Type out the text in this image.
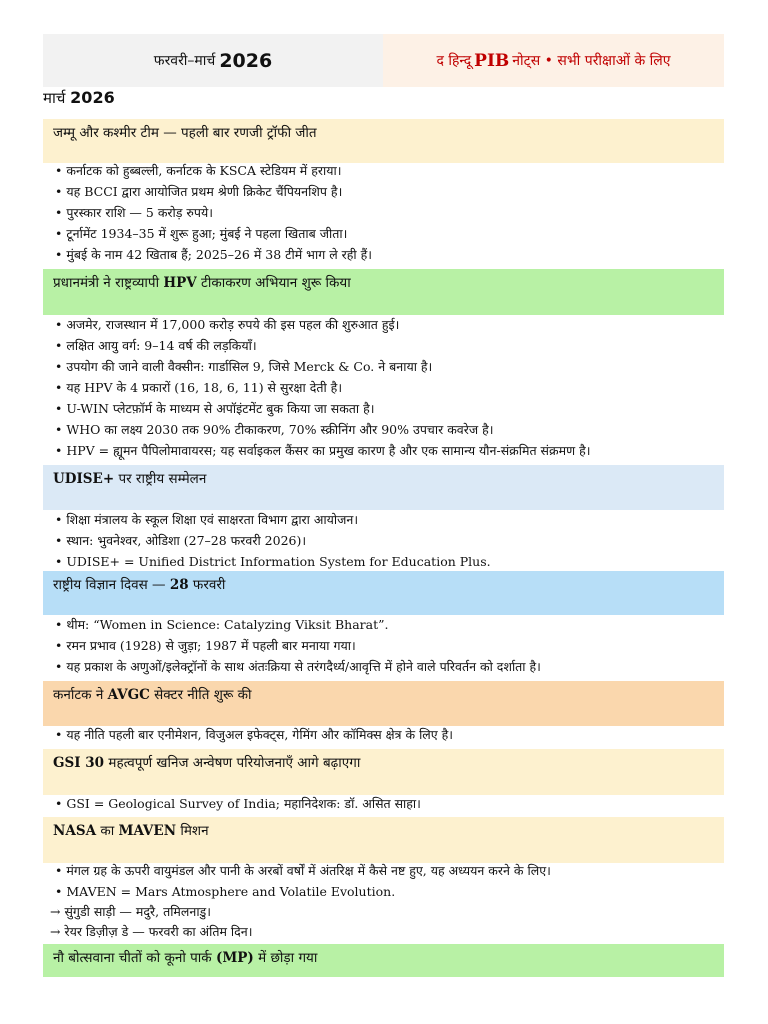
फरवरी–मार्च 2026	द हिन्दू PIB नोट्स • सभी परीक्षाओं के लिए
मार्च 2026
जम्मू और कश्मीर टीम — पहली बार रणजी ट्रॉफी जीत
• कर्नाटक को हुब्बल्ली, कर्नाटक के KSCA स्टेडियम में हराया।
• यह BCCI द्वारा आयोजित प्रथम श्रेणी क्रिकेट चैंपियनशिप है।
• पुरस्कार राशि — 5 करोड़ रुपये।
• टूर्नामेंट 1934–35 में शुरू हुआ; मुंबई ने पहला खिताब जीता।
• मुंबई के नाम 42 खिताब हैं; 2025–26 में 38 टीमें भाग ले रही हैं।
प्रधानमंत्री ने राष्ट्रव्यापी HPV टीकाकरण अभियान शुरू किया
• अजमेर, राजस्थान में 17,000 करोड़ रुपये की इस पहल की शुरुआत हुई।
• लक्षित आयु वर्ग: 9–14 वर्ष की लड़कियाँ।
• उपयोग की जाने वाली वैक्सीन: गार्डासिल 9, जिसे Merck & Co. ने बनाया है।
• यह HPV के 4 प्रकारों (16, 18, 6, 11) से सुरक्षा देती है।
• U-WIN प्लेटफ़ॉर्म के माध्यम से अपॉइंटमेंट बुक किया जा सकता है।
• WHO का लक्ष्य 2030 तक 90% टीकाकरण, 70% स्क्रीनिंग और 90% उपचार कवरेज है।
• HPV = ह्यूमन पैपिलोमावायरस; यह सर्वाइकल कैंसर का प्रमुख कारण है और एक सामान्य यौन-संक्रमित संक्रमण है।
UDISE+ पर राष्ट्रीय सम्मेलन
• शिक्षा मंत्रालय के स्कूल शिक्षा एवं साक्षरता विभाग द्वारा आयोजन।
• स्थान: भुवनेश्वर, ओडिशा (27–28 फरवरी 2026)।
• UDISE+ = Unified District Information System for Education Plus.
राष्ट्रीय विज्ञान दिवस — 28 फरवरी
• थीम: “Women in Science: Catalyzing Viksit Bharat”.
• रमन प्रभाव (1928) से जुड़ा; 1987 में पहली बार मनाया गया।
• यह प्रकाश के अणुओं/इलेक्ट्रॉनों के साथ अंतःक्रिया से तरंगदैर्ध्य/आवृत्ति में होने वाले परिवर्तन को दर्शाता है।
कर्नाटक ने AVGC सेक्टर नीति शुरू की
• यह नीति पहली बार एनीमेशन, विजुअल इफेक्ट्स, गेमिंग और कॉमिक्स क्षेत्र के लिए है।
GSI 30 महत्वपूर्ण खनिज अन्वेषण परियोजनाएँ आगे बढ़ाएगा
• GSI = Geological Survey of India; महानिदेशक: डॉ. असित साहा।
NASA का MAVEN मिशन
• मंगल ग्रह के ऊपरी वायुमंडल और पानी के अरबों वर्षों में अंतरिक्ष में कैसे नष्ट हुए, यह अध्ययन करने के लिए।
• MAVEN = Mars Atmosphere and Volatile Evolution.
→ सुंगुडी साड़ी — मदुरै, तमिलनाडु।
→ रेयर डिज़ीज़ डे — फरवरी का अंतिम दिन।
नौ बोत्सवाना चीतों को कूनो पार्क (MP) में छोड़ा गया
